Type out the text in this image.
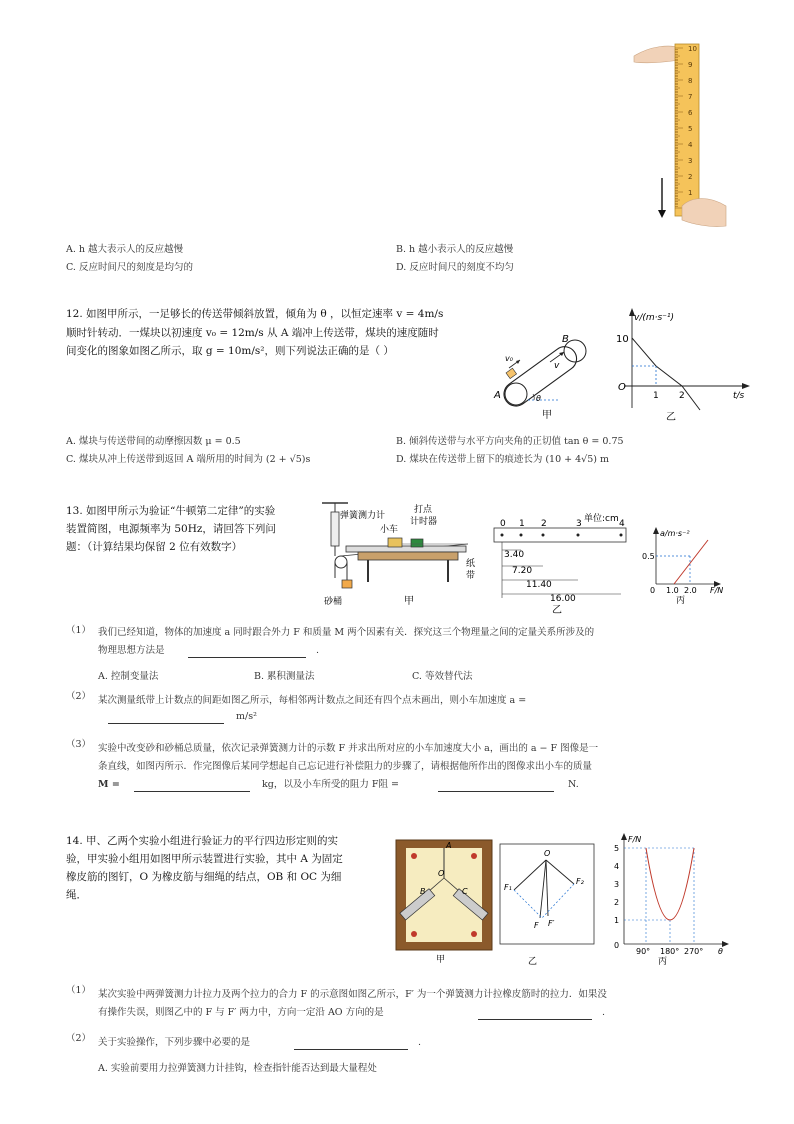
10
9
8
7
6
5
4
3
2
1
A. h 越大表示人的反应越慢	B. h 越小表示人的反应越慢
C. 反应时间尺的刻度是均匀的	D. 反应时间尺的刻度不均匀
12. 如图甲所示，一足够长的传送带倾斜放置，倾角为 θ ，以恒定速率 v = 4m/s
顺时针转动．一煤块以初速度 v₀ = 12m/s 从 A 端冲上传送带，煤块的速度随时
间变化的图象如图乙所示，取 g = 10m/s²，则下列说法正确的是（ ）
B
A
v
v₀
θ
甲
v/(m·s⁻¹)
t/s
10
O
1 2
乙
A. 煤块与传送带间的动摩擦因数 μ = 0.5	B. 倾斜传送带与水平方向夹角的正切值 tan θ = 0.75
C. 煤块从冲上传送带到返回 A 端所用的时间为 (2 + √5)s	D. 煤块在传送带上留下的痕迹长为 (10 + 4√5) m
13. 如图甲所示为验证“牛顿第二定律”的实验
装置简图，电源频率为 50Hz，请回答下列问
题：（计算结果均保留 2 位有效数字）
弹簧测力计
小车
打点
计时器
纸
带
砂桶	甲
0 1 2	3	4
单位:cm
3.40
7.20
11.40
16.00
乙
a/m·s⁻²
0.5
0 1.0 2.0 F/N
丙
（1） 我们已经知道，物体的加速度 a 同时跟合外力 F 和质量 M 两个因素有关．探究这三个物理量之间的定量关系所涉及的
物理思想方法是	.
A. 控制变量法	B. 累积测量法	C. 等效替代法
（2） 某次测量纸带上计数点的间距如图乙所示，每相邻两计数点之间还有四个点未画出，则小车加速度 a =
m/s²
（3） 实验中改变砂和砂桶总质量，依次记录弹簧测力计的示数 F 并求出所对应的小车加速度大小 a，画出的 a − F 图像是一
条直线，如图丙所示．作完图像后某同学想起自己忘记进行补偿阻力的步骤了，请根据他所作出的图像求出小车的质量
M =	kg，以及小车所受的阻力 F阻 =	N.
14. 甲、乙两个实验小组进行验证力的平行四边形定则的实
验，甲实验小组用如图甲所示装置进行实验，其中 A 为固定
橡皮筋的图钉，O 为橡皮筋与细绳的结点，OB 和 OC 为细
绳．
A
O
B	C
甲
O
F₁
F₂
F F′
乙
F/N
5
4
3
2
1
0
90° 180° 270° θ
丙
（1） 某次实验中两弹簧测力计拉力及两个拉力的合力 F 的示意图如图乙所示，F′ 为一个弹簧测力计拉橡皮筋时的拉力．如果没
有操作失误，则图乙中的 F 与 F′ 两力中，方向一定沿 AO 方向的是	.
（2） 关于实验操作，下列步骤中必要的是	.
A. 实验前要用力拉弹簧测力计挂钩，检查指针能否达到最大量程处
